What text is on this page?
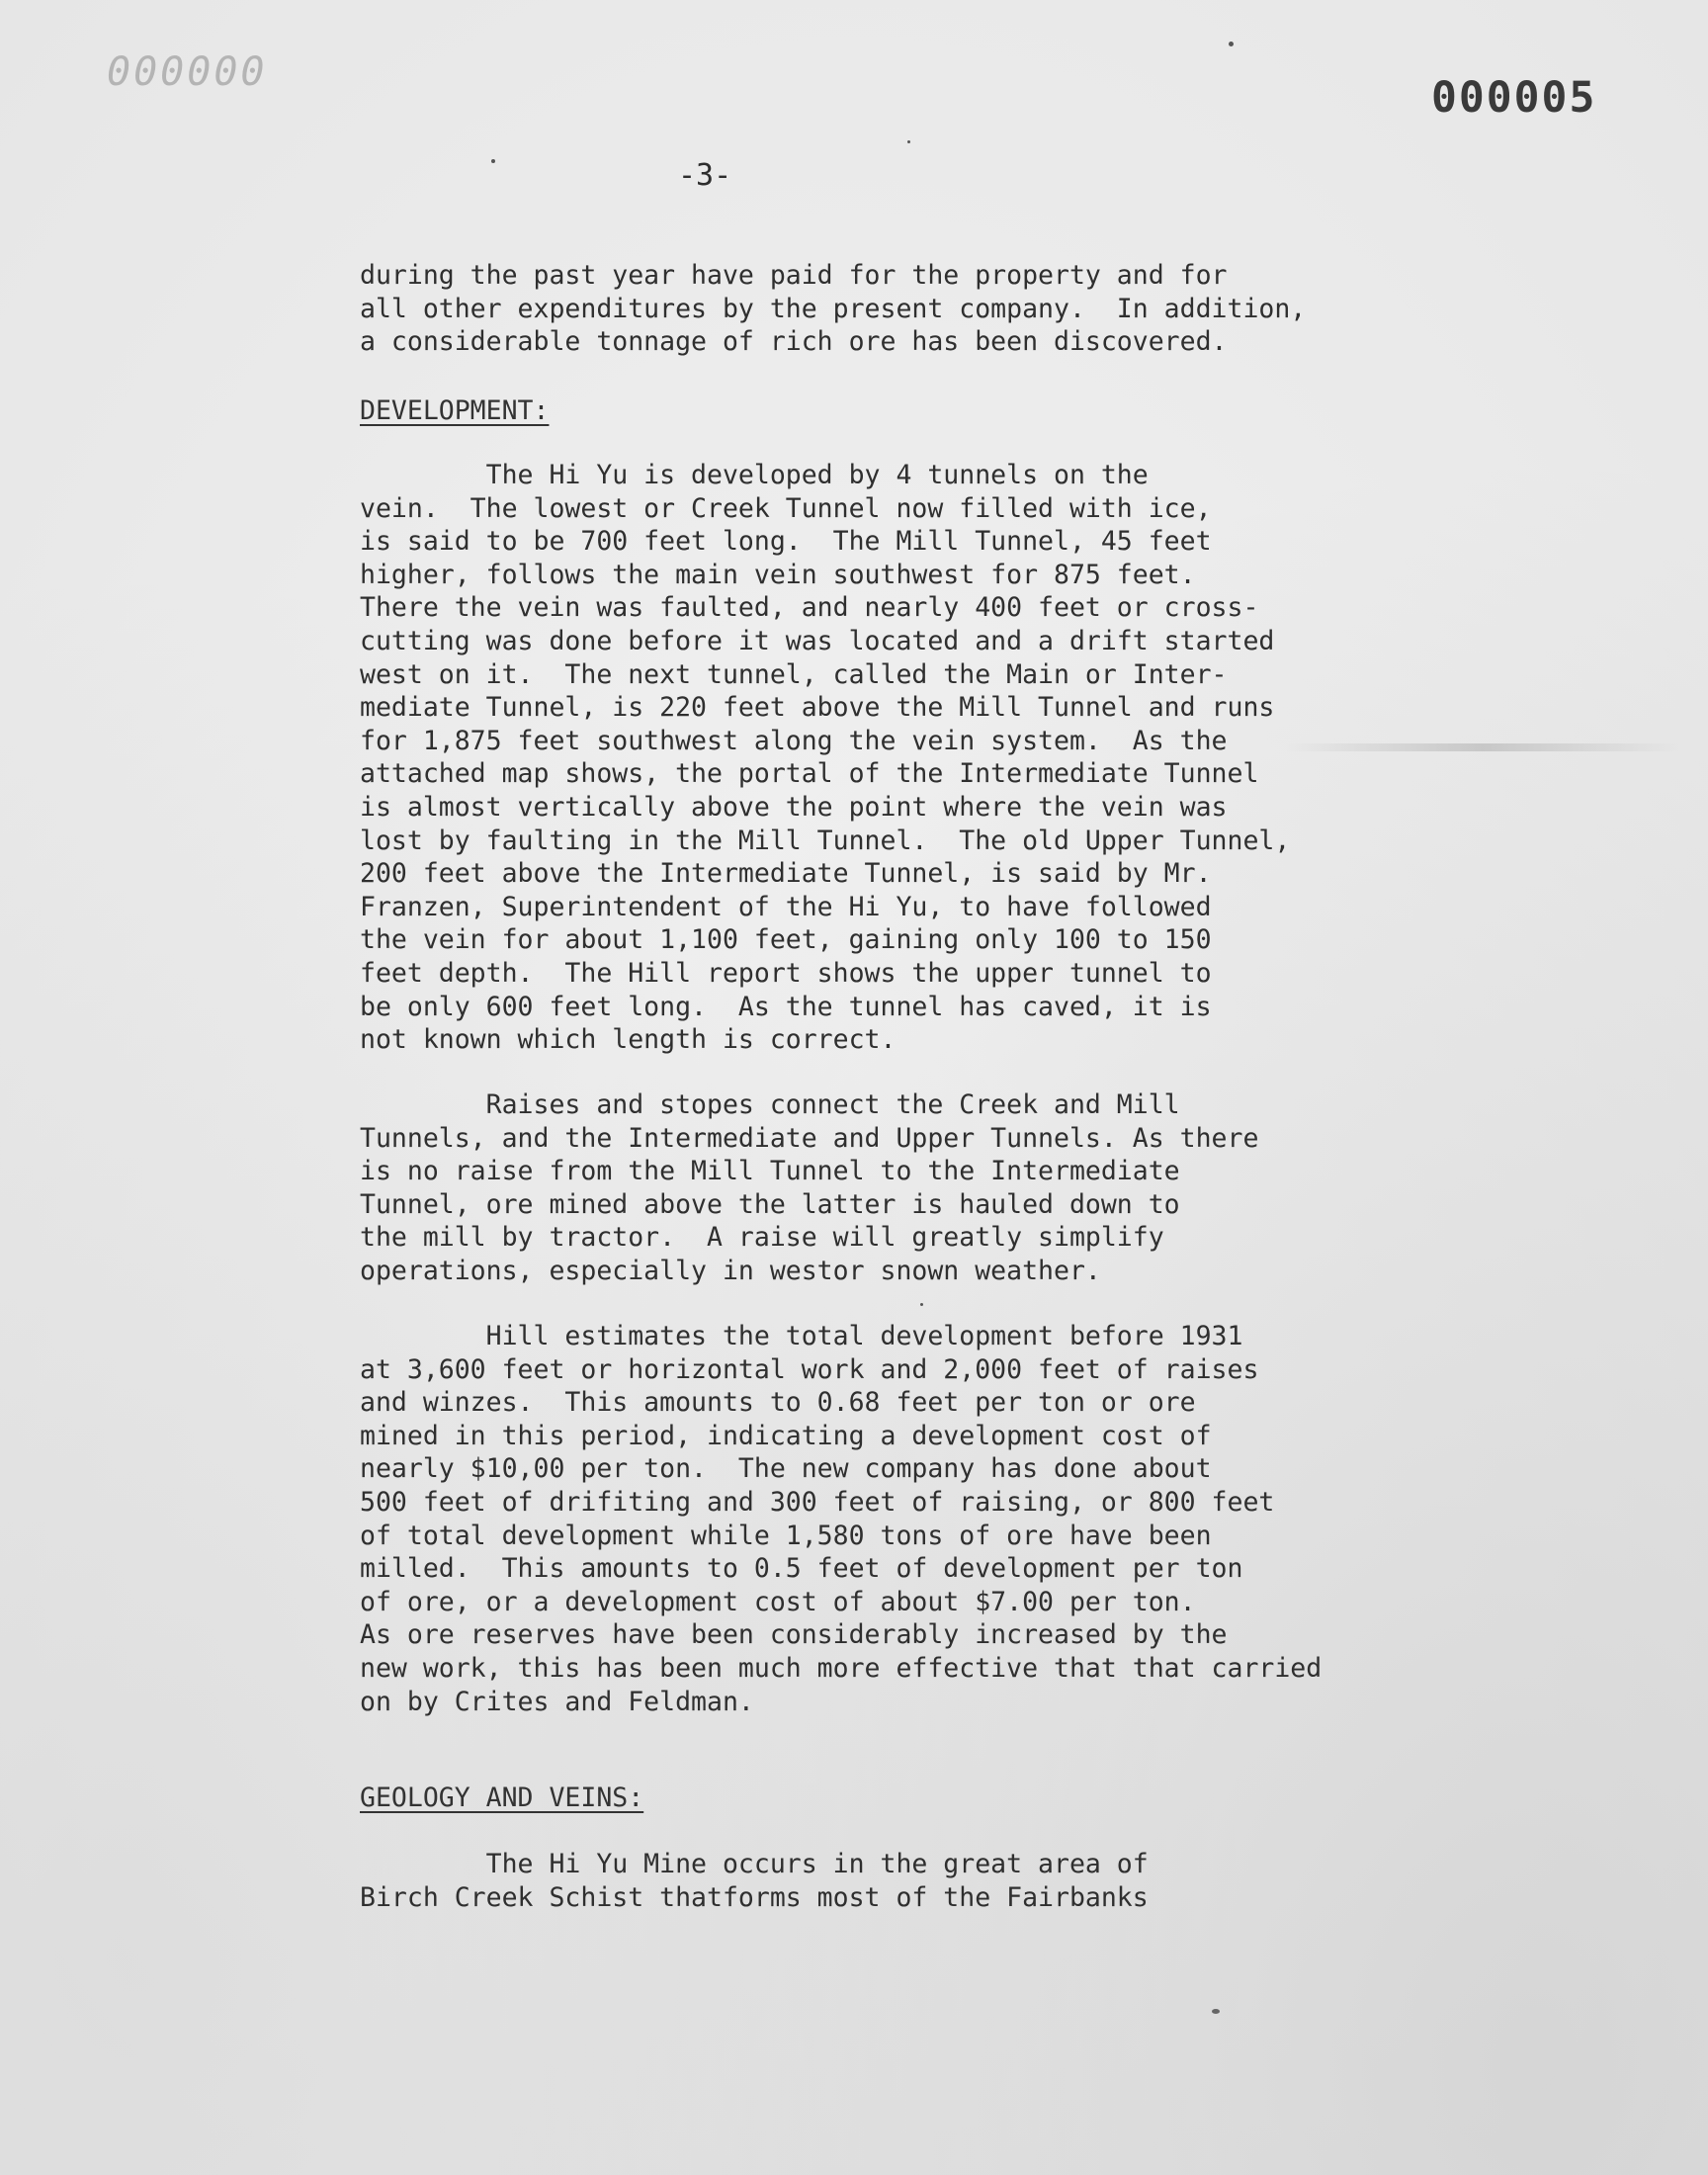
000000
000005
-3-
during the past year have paid for the property and for
all other expenditures by the present company.  In addition,
a considerable tonnage of rich ore has been discovered.
DEVELOPMENT:
The Hi Yu is developed by 4 tunnels on the
vein.  The lowest or Creek Tunnel now filled with ice,
is said to be 700 feet long.  The Mill Tunnel, 45 feet
higher, follows the main vein southwest for 875 feet.
There the vein was faulted, and nearly 400 feet or cross-
cutting was done before it was located and a drift started
west on it.  The next tunnel, called the Main or Inter-
mediate Tunnel, is 220 feet above the Mill Tunnel and runs
for 1,875 feet southwest along the vein system.  As the
attached map shows, the portal of the Intermediate Tunnel
is almost vertically above the point where the vein was
lost by faulting in the Mill Tunnel.  The old Upper Tunnel,
200 feet above the Intermediate Tunnel, is said by Mr.
Franzen, Superintendent of the Hi Yu, to have followed
the vein for about 1,100 feet, gaining only 100 to 150
feet depth.  The Hill report shows the upper tunnel to
be only 600 feet long.  As the tunnel has caved, it is
not known which length is correct.
Raises and stopes connect the Creek and Mill
Tunnels, and the Intermediate and Upper Tunnels. As there
is no raise from the Mill Tunnel to the Intermediate
Tunnel, ore mined above the latter is hauled down to
the mill by tractor.  A raise will greatly simplify
operations, especially in westor snown weather.
Hill estimates the total development before 1931
at 3,600 feet or horizontal work and 2,000 feet of raises
and winzes.  This amounts to 0.68 feet per ton or ore
mined in this period, indicating a development cost of
nearly $10,00 per ton.  The new company has done about
500 feet of drifiting and 300 feet of raising, or 800 feet
of total development while 1,580 tons of ore have been
milled.  This amounts to 0.5 feet of development per ton
of ore, or a development cost of about $7.00 per ton.
As ore reserves have been considerably increased by the
new work, this has been much more effective that that carried
on by Crites and Feldman.
GEOLOGY AND VEINS:
The Hi Yu Mine occurs in the great area of
Birch Creek Schist thatforms most of the Fairbanks
